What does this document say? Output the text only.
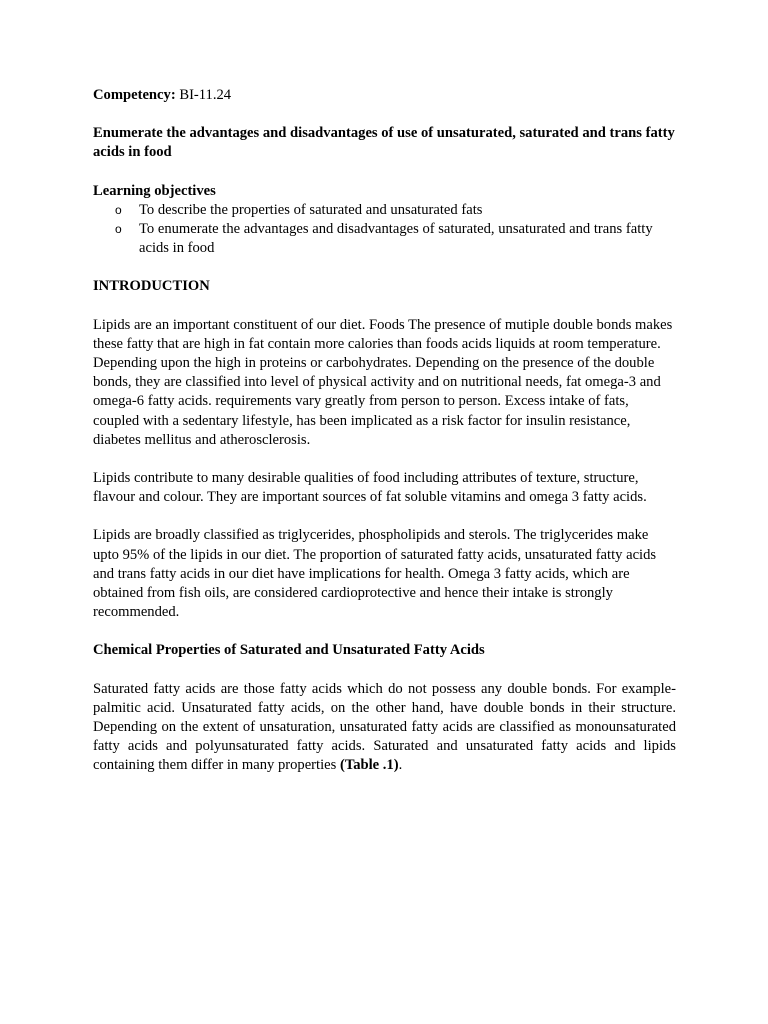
Competency: BI-11.24

Enumerate the advantages and disadvantages of use of unsaturated, saturated and trans fatty acids in food

Learning objectives

o To describe the properties of saturated and unsaturated fats
o To enumerate the advantages and disadvantages of saturated, unsaturated and trans fatty acids in food

INTRODUCTION

Lipids are an important constituent of our diet. Foods The presence of mutiple double bonds makes these fatty that are high in fat contain more calories than foods acids liquids at room temperature. Depending upon the high in proteins or carbohydrates. Depending on the presence of the double bonds, they are classified into level of physical activity and on nutritional needs, fat omega-3 and omega-6 fatty acids. requirements vary greatly from person to person. Excess intake of fats, coupled with a sedentary lifestyle, has been implicated as a risk factor for insulin resistance, diabetes mellitus and atherosclerosis.

Lipids contribute to many desirable qualities of food including attributes of texture, structure, flavour and colour. They are important sources of fat soluble vitamins and omega 3 fatty acids.

Lipids are broadly classified as triglycerides, phospholipids and sterols. The triglycerides make upto 95% of the lipids in our diet. The proportion of saturated fatty acids, unsaturated fatty acids and trans fatty acids in our diet have implications for health. Omega 3 fatty acids, which are obtained from fish oils, are considered cardioprotective and hence their intake is strongly recommended.

Chemical Properties of Saturated and Unsaturated Fatty Acids

Saturated fatty acids are those fatty acids which do not possess any double bonds. For example- palmitic acid. Unsaturated fatty acids, on the other hand, have double bonds in their structure. Depending on the extent of unsaturation, unsaturated fatty acids are classified as monounsaturated fatty acids and polyunsaturated fatty acids. Saturated and unsaturated fatty acids and lipids containing them differ in many properties (Table .1).
